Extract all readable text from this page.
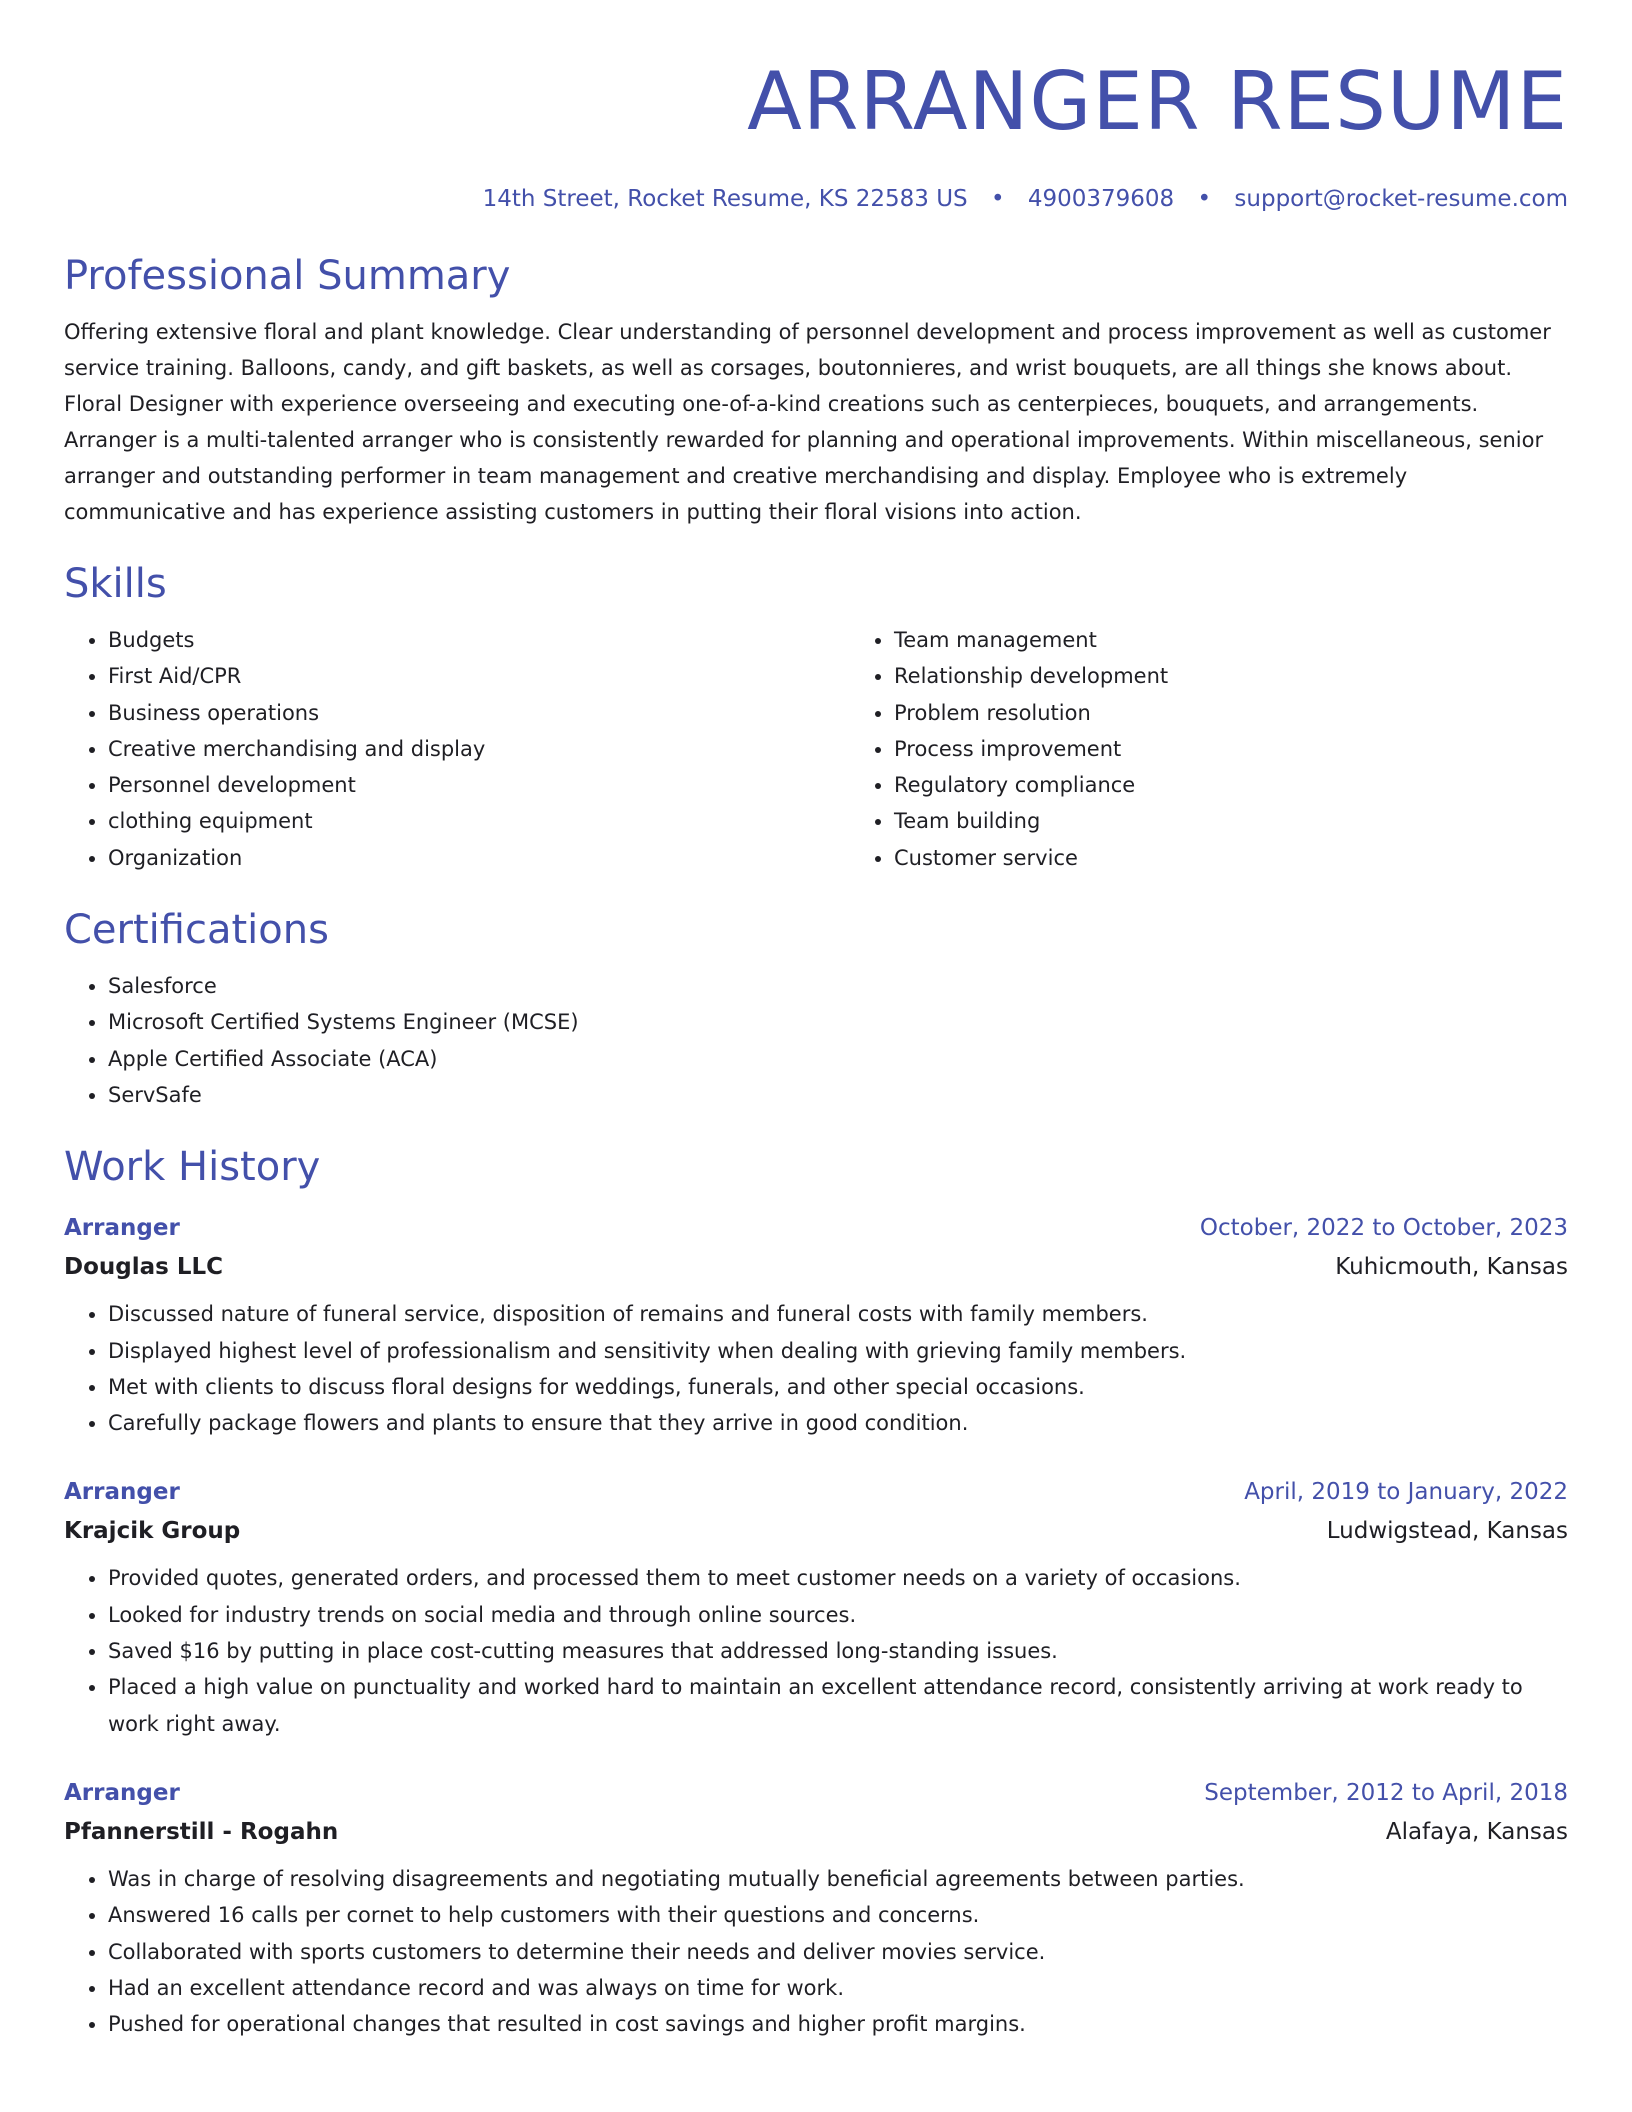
ARRANGER RESUME
14th Street, Rocket Resume, KS 22583 US • 4900379608 • support@rocket-resume.com
Professional Summary

Offering extensive floral and plant knowledge. Clear understanding of personnel development and process improvement as well as customer service training. Balloons, candy, and gift baskets, as well as corsages, boutonnieres, and wrist bouquets, are all things she knows about. Floral Designer with experience overseeing and executing one-of-a-kind creations such as centerpieces, bouquets, and arrangements. Arranger is a multi-talented arranger who is consistently rewarded for planning and operational improvements. Within miscellaneous, senior arranger and outstanding performer in team management and creative merchandising and display. Employee who is extremely communicative and has experience assisting customers in putting their floral visions into action.

Skills
• Budgets
• First Aid/CPR
• Business operations
• Creative merchandising and display
• Personnel development
• clothing equipment
• Organization
• Team management
• Relationship development
• Problem resolution
• Process improvement
• Regulatory compliance
• Team building
• Customer service
Certifications
• Salesforce
• Microsoft Certified Systems Engineer (MCSE)
• Apple Certified Associate (ACA)
• ServSafe
Work History
Arranger	October, 2022 to October, 2023
Douglas LLC	Kuhicmouth, Kansas
• Discussed nature of funeral service, disposition of remains and funeral costs with family members.
• Displayed highest level of professionalism and sensitivity when dealing with grieving family members.
• Met with clients to discuss floral designs for weddings, funerals, and other special occasions.
• Carefully package flowers and plants to ensure that they arrive in good condition.
Arranger	April, 2019 to January, 2022
Krajcik Group	Ludwigstead, Kansas
• Provided quotes, generated orders, and processed them to meet customer needs on a variety of occasions.
• Looked for industry trends on social media and through online sources.
• Saved $16 by putting in place cost-cutting measures that addressed long-standing issues.
• Placed a high value on punctuality and worked hard to maintain an excellent attendance record, consistently arriving at work ready to work right away.
Arranger	September, 2012 to April, 2018
Pfannerstill - Rogahn	Alafaya, Kansas
• Was in charge of resolving disagreements and negotiating mutually beneficial agreements between parties.
• Answered 16 calls per cornet to help customers with their questions and concerns.
• Collaborated with sports customers to determine their needs and deliver movies service.
• Had an excellent attendance record and was always on time for work.
• Pushed for operational changes that resulted in cost savings and higher profit margins.
